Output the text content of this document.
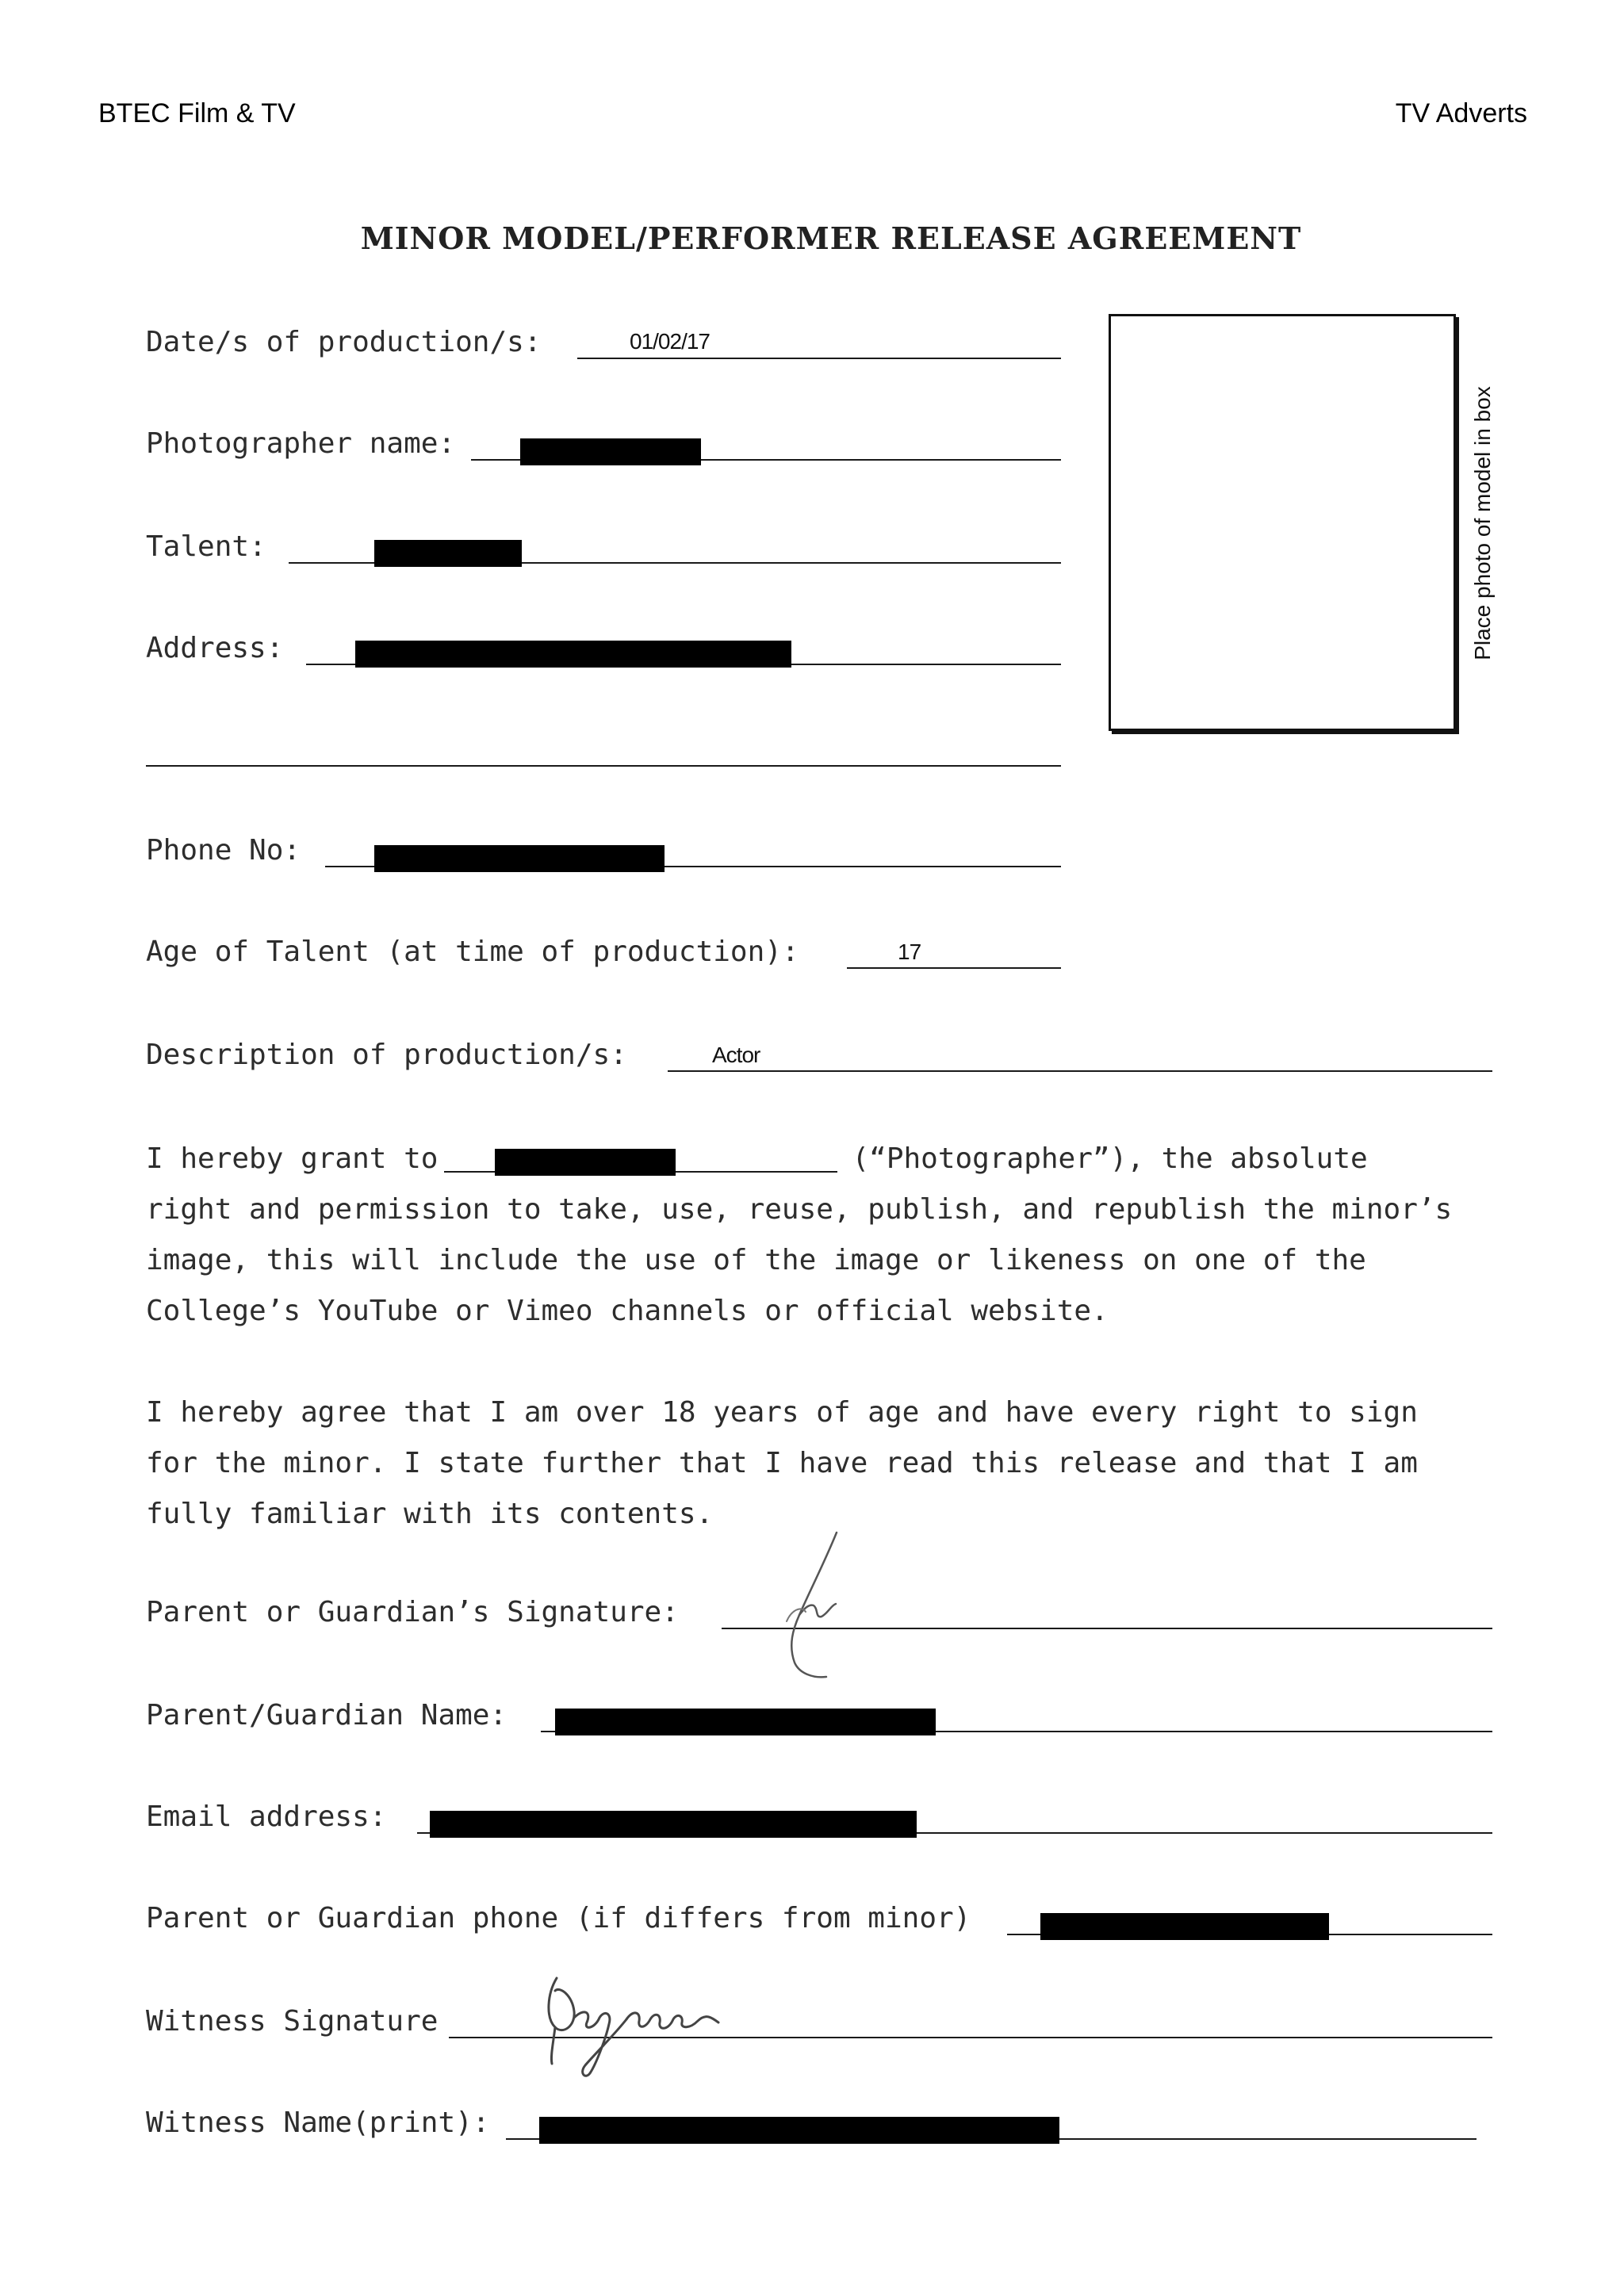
BTEC Film & TV	TV Adverts
MINOR MODEL/PERFORMER RELEASE AGREEMENT
Place photo of model in box
Date/s of production/s:	01/02/17
Photographer name:
Talent:
Address:
Phone No:
Age of Talent (at time of production):	17
Description of production/s:	Actor
I hereby grant to	(“Photographer”), the absolute
right and permission to take, use, reuse, publish, and republish the minor’s
image, this will include the use of the image or likeness on one of the
College’s YouTube or Vimeo channels or official website.
I hereby agree that I am over 18 years of age and have every right to sign
for the minor. I state further that I have read this release and that I am
fully familiar with its contents.
Parent or Guardian’s Signature:
Parent/Guardian Name:
Email address:
Parent or Guardian phone (if differs from minor)
Witness Signature
Witness Name(print):
